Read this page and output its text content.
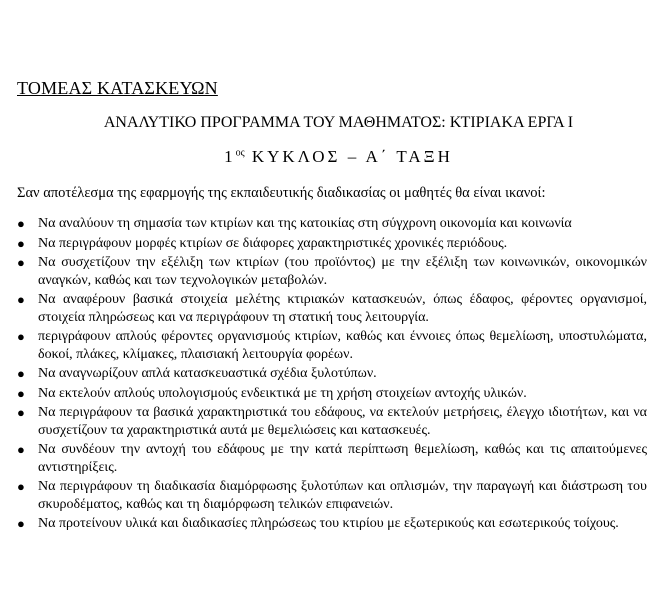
ΤΟΜΕΑΣ ΚΑΤΑΣΚΕΥΩΝ
ΑΝΑΛΥΤΙΚΟ ΠΡΟΓΡΑΜΜΑ ΤΟΥ ΜΑΘΗΜΑΤΟΣ: ΚΤΙΡΙΑΚΑ ΕΡΓΑ Ι
$1^{o\varsigma}$ ΚΥΚΛΟΣ – Α΄ ΤΑΞΗ
Σαν αποτέλεσμα της εφαρμογής της εκπαιδευτικής διαδικασίας οι μαθητές θα είναι ικανοί:
● Να αναλύουν τη σημασία των κτιρίων και της κατοικίας στη σύγχρονη οικονομία και κοινωνία
● Να περιγράφουν μορφές κτιρίων σε διάφορες χαρακτηριστικές χρονικές περιόδους.
● Να συσχετίζουν την εξέλιξη των κτιρίων (του προϊόντος) με την εξέλιξη των κοινωνικών, οικονομικών αναγκών, καθώς και των τεχνολογικών μεταβολών.
● Να αναφέρουν βασικά στοιχεία μελέτης κτιριακών κατασκευών, όπως έδαφος, φέροντες οργανισμοί, στοιχεία πληρώσεως και να περιγράφουν τη στατική τους λειτουργία.
● περιγράφουν απλούς φέροντες οργανισμούς κτιρίων, καθώς και έννοιες όπως θεμελίωση, υποστυλώματα, δοκοί, πλάκες, κλίμακες, πλαισιακή λειτουργία φορέων.
● Να αναγνωρίζουν απλά κατασκευαστικά σχέδια ξυλοτύπων.
● Να εκτελούν απλούς υπολογισμούς ενδεικτικά με τη χρήση στοιχείων αντοχής υλικών.
● Να περιγράφουν τα βασικά χαρακτηριστικά του εδάφους, να εκτελούν μετρήσεις, έλεγχο ιδιοτήτων, και να συσχετίζουν τα χαρακτηριστικά αυτά με θεμελιώσεις και κατασκευές.
● Να συνδέουν την αντοχή του εδάφους με την κατά περίπτωση θεμελίωση, καθώς και τις απαιτούμενες αντιστηρίξεις.
● Να περιγράφουν τη διαδικασία διαμόρφωσης ξυλοτύπων και οπλισμών, την παραγωγή και διάστρωση του σκυροδέματος, καθώς και τη διαμόρφωση τελικών επιφανειών.
● Να προτείνουν υλικά και διαδικασίες πληρώσεως του κτιρίου με εξωτερικούς και εσωτερικούς τοίχους.
